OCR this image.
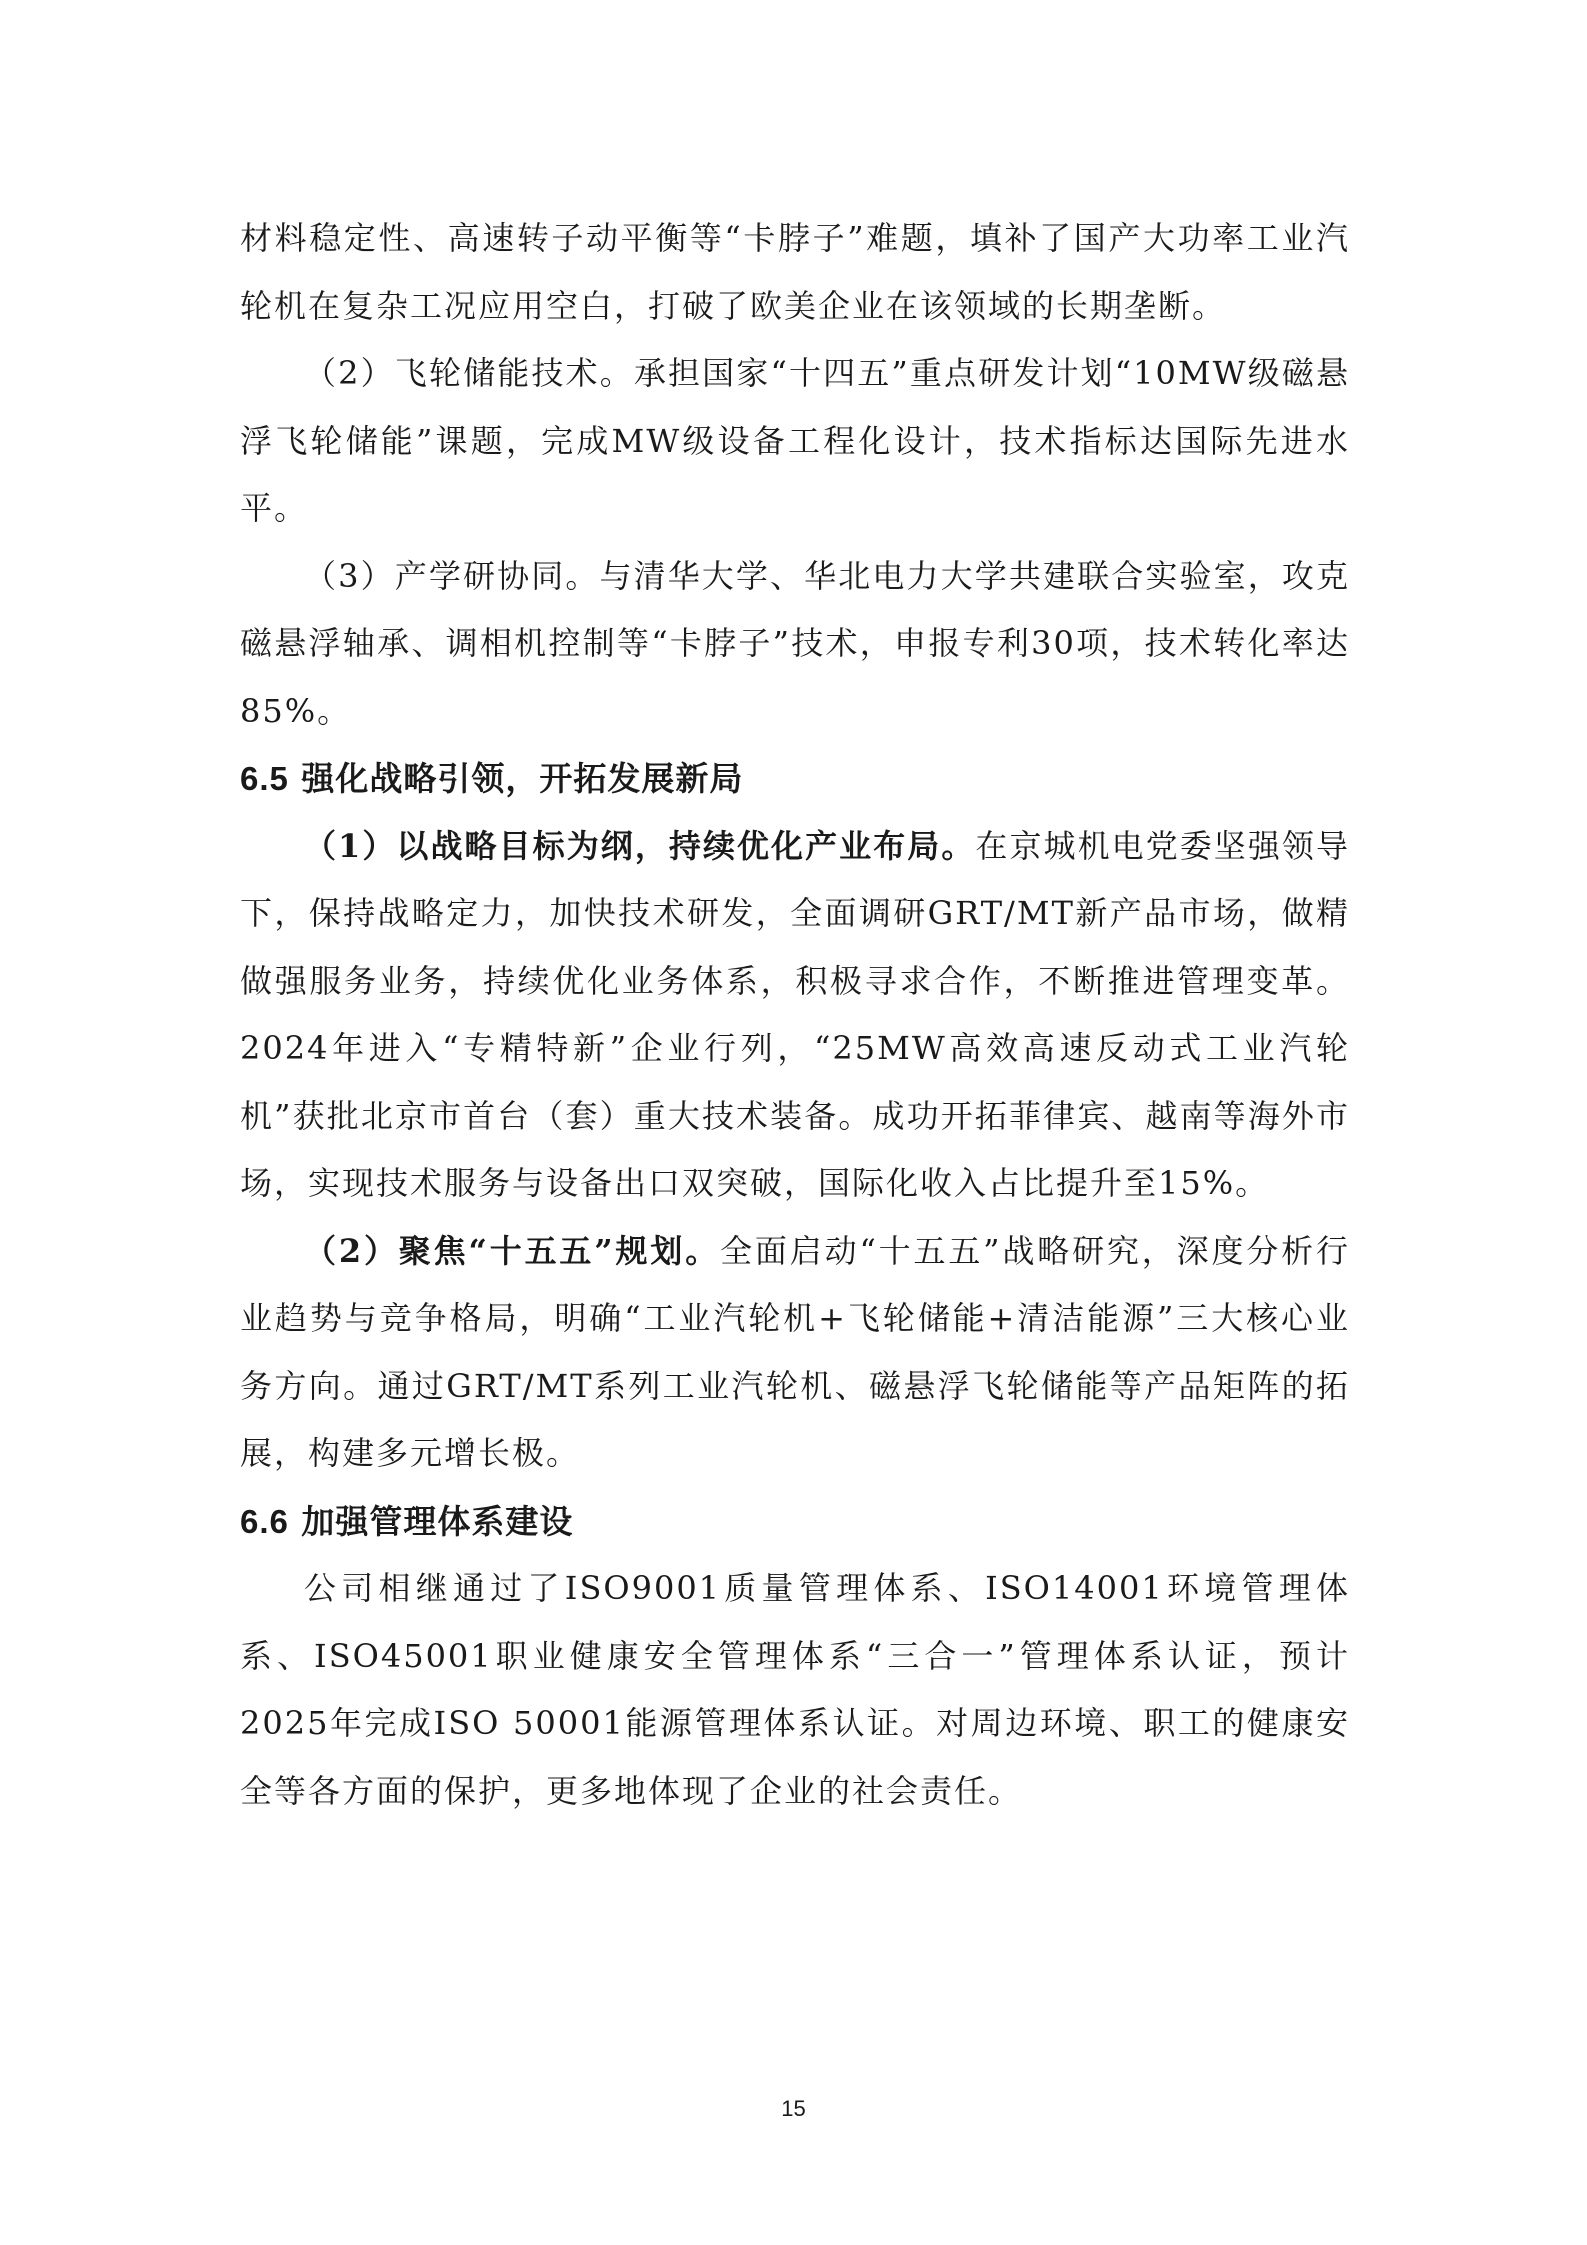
材料稳定性、高速转子动平衡等“卡脖子”难题，填补了国产大功率工业汽轮机在复杂工况应用空白，打破了欧美企业在该领域的长期垄断。

（2）飞轮储能技术。承担国家“十四五”重点研发计划“10MW级磁悬浮飞轮储能”课题，完成MW级设备工程化设计，技术指标达国际先进水平。

（3）产学研协同。与清华大学、华北电力大学共建联合实验室，攻克磁悬浮轴承、调相机控制等“卡脖子”技术，申报专利30项，技术转化率达85%。

6.5 强化战略引领，开拓发展新局

（1）以战略目标为纲，持续优化产业布局。在京城机电党委坚强领导下，保持战略定力，加快技术研发，全面调研GRT/MT新产品市场，做精做强服务业务，持续优化业务体系，积极寻求合作，不断推进管理变革。2024年进入“专精特新”企业行列，“25MW高效高速反动式工业汽轮机”获批北京市首台（套）重大技术装备。成功开拓菲律宾、越南等海外市场，实现技术服务与设备出口双突破，国际化收入占比提升至15%。

（2）聚焦“十五五”规划。全面启动“十五五”战略研究，深度分析行业趋势与竞争格局，明确“工业汽轮机+飞轮储能+清洁能源”三大核心业务方向。通过GRT/MT系列工业汽轮机、磁悬浮飞轮储能等产品矩阵的拓展，构建多元增长极。

6.6 加强管理体系建设

公司相继通过了ISO9001质量管理体系、ISO14001环境管理体系、ISO45001职业健康安全管理体系“三合一”管理体系认证，预计2025年完成ISO 50001能源管理体系认证。对周边环境、职工的健康安全等各方面的保护，更多地体现了企业的社会责任。

15
